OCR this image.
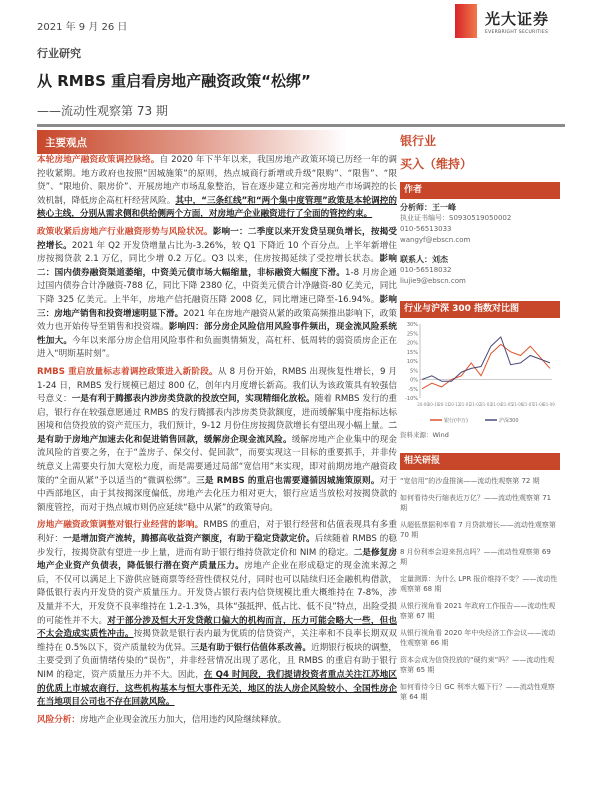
2021 年 9 月 26 日	光大证券
EVERBRIGHT SECURITIES
行业研究
从 RMBS 重启看房地产融资政策“松绑”
——流动性观察第 73 期
主要观点

本轮房地产融资政策调控脉络。自 2020 年下半年以来，我国房地产政策环境已历经一年的调控收紧期。地方政府也按照“因城施策”的原则，热点城商行新增或升级“限购”、“限售”、“限贷”、“限地价、限房价”、开展房地产市场乱象整治，旨在逐步建立和完善房地产市场调控的长效机制，降低房企高杠杆经营风险。其中，“三条红线”和“两个集中度管理”政策是本轮调控的核心主线，分别从需求侧和供给侧两个方面，对房地产企业融资进行了全面的管控约束。

政策收紧后房地产行业融资形势与风险状况。影响一：二季度以来开发贷呈现负增长，按揭受控增长。2021 年 Q2 开发贷增量占比为-3.26%，较 Q1 下降近 10 个百分点。上半年新增住房按揭贷款 2.1 万亿，同比少增 0.2 万亿。Q3 以来，住房按揭延续了受控增长状态。影响二：国内债券融资渠道萎缩，中资美元债市场大幅缩量，非标融资大幅度下滑。1-8 月房企通过国内债券合计净融资-788 亿，同比下降 2380 亿，中资美元债合计净融资-80 亿美元，同比下降 325 亿美元。上半年，房地产信托融资压降 2008 亿，同比增速已降至-16.94%。影响三：房地产销售和投资增速明显下滑。2021 年在房地产融资从紧的政策高频推出影响下，政策效力也开始传导至销售和投资端。影响四：部分房企风险信用风险事件频出，现金流风险系统性加大。今年以来部分房企信用风险事件和负面舆情频发，高杠杆、低周转的弱资质房企正在进入“明斯基时刻”。

RMBS 重启放量标志着调控政策进入新阶段。从 8 月份开始，RMBS 出现恢复性增长，9 月 1-24 日，RMBS 发行规模已超过 800 亿，创年内月度增长新高。我们认为该政策具有较强信号意义：一是有利于腾挪表内涉房类贷款的投放空间，实现精细化放松。随着 RMBS 发行的重启，银行存在较强意愿通过 RMBS 的发行腾挪表内涉房类贷款额度，进而缓解集中度指标达标困境和信贷投放的资产荒压力，我们预计，9-12 月份住房按揭贷款增长有望出现小幅上量。二是有助于房地产加速去化和促进销售回款，缓解房企现金流风险。缓解房地产企业集中的现金流风险的首要之务，在于“盖房子、保交付、促回款”，而要实现这一目标的重要抓手，并非传统意义上需要央行加大宽松力度，而是需要通过局部“宽信用”来实现，即对前期房地产融资政策的“全面从紧”予以适当的“微调松绑”。三是 RMBS 的重启也需要遵循因城施策原则。对于中西部地区，由于其按揭深度偏低，房地产去化压力相对更大，银行应适当放松对按揭贷款的额度管控，而对于热点城市则仍应延续“稳中从紧”的政策导向。

房地产融资政策调整对银行业经营的影响。RMBS 的重启，对于银行经营和估值表现具有多重利好：一是增加资产流转，腾挪高收益资产额度，有助于稳定贷款定价。后续随着 RMBS 的稳步发行，按揭贷款有望进一步上量，进而有助于银行维持贷款定价和 NIM 的稳定。二是修复房地产企业资产负债表，降低银行潜在资产质量压力。房地产企业在形成稳定的现金流来源之后，不仅可以满足上下游供应链商票等经营性债权兑付，同时也可以陆续归还金融机构借款，降低银行表内开发贷的资产质量压力。开发贷占银行表内信贷规模比重大概维持在 7-8%，涉及量并不大，开发贷不良率维持在 1.2-1.3%，具体“强抵押、低占比、低不良”特点，出险受损的可能性并不大。对于部分涉及恒大开发贷敞口偏大的机构而言，压力可能会略大一些，但也不太会造成实质性冲击。按揭贷款是银行表内最为优质的信贷资产，关注率和不良率长期双双维持在 0.5%以下，资产质量较为优异。三是有助于银行估值体系改善。近期银行板块的调整，主要受到了负面情绪传染的“误伤”，并非经营情况出现了恶化，且 RMBS 的重启有助于银行 NIM 的稳定，资产质量压力并不大。因此，在 Q4 时间段，我们提请投资者重点关注江苏地区的优质上市城农商行，这些机构基本与恒大事件无关，地区的法人房企风险较小、全国性房企在当地项目公司也不存在回款风险。

风险分析：房地产企业现金流压力加大，信用违约风险继续释放。

银行业
买入（维持）
作者
分析师：王一峰
执业证书编号：S0930519050002
010-56513033
wangyf@ebscn.com
联系人：刘杰
010-56518032
liujie9@ebscn.com
行业与沪深 300 指数对比图
30%
25%
20%
15%
10%
5%
0%
-5%
-10%
20-09
20-10
20-11
20-12
21-01
21-02
21-03
21-04
21-05
21-06
21-07
21-08
21-09
银行(申万)	沪深300
资料来源：Wind
相关研报
“宽信用”的沙盘推演——流动性观察第 72 期
如何看待央行缩表近万亿？——流动性观察第 71 期
从超低票据利率看 7 月贷款增长——流动性观察第 70 期
8 月份利率会迎来拐点吗？——流动性观察第 69 期
定量测算：为什么 LPR 报价维持不变？——流动性观察第 68 期
从银行视角看 2021 年政府工作报告——流动性观察第 67 期
从银行视角看 2020 年中央经济工作会议——流动性观察第 66 期
资本会成为信贷投放的“硬约束”吗？——流动性观察第 65 期
如何看待今日 GC 利率大幅下行？——流动性观察第 64 期
